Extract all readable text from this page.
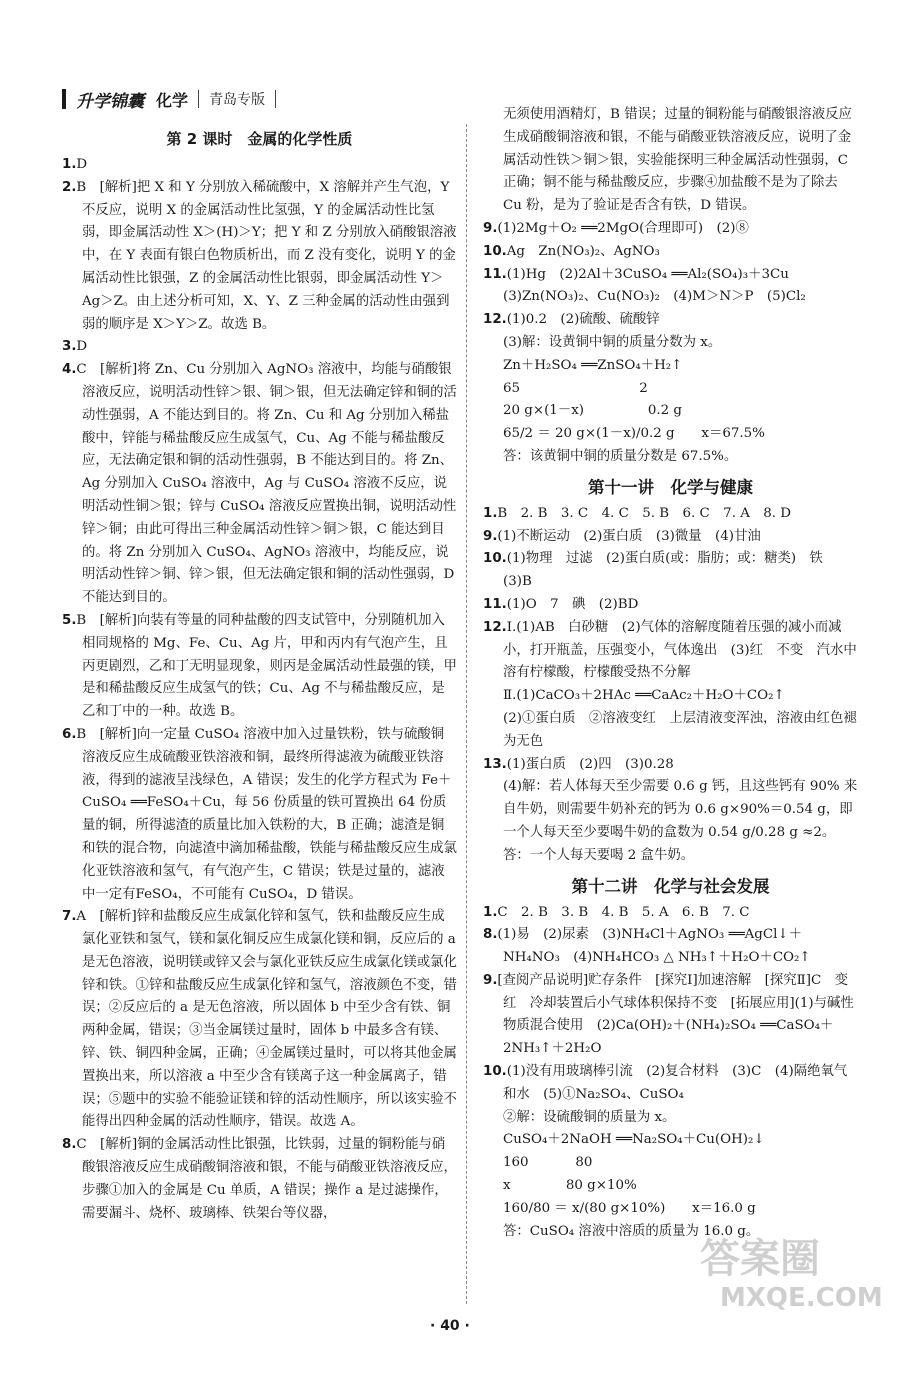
升学锦囊 化学 青岛专版
第 2 课时　金属的化学性质

1.D

2.B　[解析]把 X 和 Y 分别放入稀硫酸中，X 溶解并产生气泡，Y 不反应，说明 X 的金属活动性比氢强，Y 的金属活动性比氢弱，即金属活动性 X＞(H)＞Y；把 Y 和 Z 分别放入硝酸银溶液中，在 Y 表面有银白色物质析出，而 Z 没有变化，说明 Y 的金属活动性比银强，Z 的金属活动性比银弱，即金属活动性 Y＞Ag＞Z。由上述分析可知，X、Y、Z 三种金属的活动性由强到弱的顺序是 X＞Y＞Z。故选 B。

3.D

4.C　[解析]将 Zn、Cu 分别加入 AgNO₃ 溶液中，均能与硝酸银溶液反应，说明活动性锌＞银、铜＞银，但无法确定锌和铜的活动性强弱，A 不能达到目的。将 Zn、Cu 和 Ag 分别加入稀盐酸中，锌能与稀盐酸反应生成氢气，Cu、Ag 不能与稀盐酸反应，无法确定银和铜的活动性强弱，B 不能达到目的。将 Zn、Ag 分别加入 CuSO₄ 溶液中，Ag 与 CuSO₄ 溶液不反应，说明活动性铜＞银；锌与 CuSO₄ 溶液反应置换出铜，说明活动性锌＞铜；由此可得出三种金属活动性锌＞铜＞银，C 能达到目的。将 Zn 分别加入 CuSO₄、AgNO₃ 溶液中，均能反应，说明活动性锌＞铜、锌＞银，但无法确定银和铜的活动性强弱，D 不能达到目的。

5.B　[解析]向装有等量的同种盐酸的四支试管中，分别随机加入相同规格的 Mg、Fe、Cu、Ag 片，甲和丙内有气泡产生，且丙更剧烈，乙和丁无明显现象，则丙是金属活动性最强的镁，甲是和稀盐酸反应生成氢气的铁；Cu、Ag 不与稀盐酸反应，是乙和丁中的一种。故选 B。

6.B　[解析]向一定量 CuSO₄ 溶液中加入过量铁粉，铁与硫酸铜溶液反应生成硫酸亚铁溶液和铜，最终所得滤液为硫酸亚铁溶液，得到的滤液呈浅绿色，A 错误；发生的化学方程式为 Fe＋CuSO₄ ══FeSO₄＋Cu，每 56 份质量的铁可置换出 64 份质量的铜，所得滤渣的质量比加入铁粉的大，B 正确；滤渣是铜和铁的混合物，向滤渣中滴加稀盐酸，铁能与稀盐酸反应生成氯化亚铁溶液和氢气，有气泡产生，C 错误；铁是过量的，滤液中一定有FeSO₄，不可能有 CuSO₄，D 错误。

7.A　[解析]锌和盐酸反应生成氯化锌和氢气，铁和盐酸反应生成氯化亚铁和氢气，镁和氯化铜反应生成氯化镁和铜，反应后的 a 是无色溶液，说明镁或锌又会与氯化亚铁反应生成氯化镁或氯化锌和铁。①锌和盐酸反应生成氯化锌和氢气，溶液颜色不变，错误；②反应后的 a 是无色溶液，所以固体 b 中至少含有铁、铜两种金属，错误；③当金属镁过量时，固体 b 中最多含有镁、锌、铁、铜四种金属，正确；④金属镁过量时，可以将其他金属置换出来，所以溶液 a 中至少含有镁离子这一种金属离子，错误；⑤题中的实验不能验证镁和锌的活动性顺序，所以该实验不能得出四种金属的活动性顺序，错误。故选 A。

8.C　[解析]铜的金属活动性比银强，比铁弱，过量的铜粉能与硝酸银溶液反应生成硝酸铜溶液和银，不能与硝酸亚铁溶液反应，步骤①加入的金属是 Cu 单质，A 错误；操作 a 是过滤操作，需要漏斗、烧杯、玻璃棒、铁架台等仪器，

无须使用酒精灯，B 错误；过量的铜粉能与硝酸银溶液反应生成硝酸铜溶液和银，不能与硝酸亚铁溶液反应，说明了金属活动性铁＞铜＞银，实验能探明三种金属活动性强弱，C 正确；铜不能与稀盐酸反应，步骤④加盐酸不是为了除去 Cu 粉，是为了验证是否含有铁，D 错误。

9.(1)2Mg＋O₂ ══2MgO(合理即可)　(2)⑧

10.Ag　Zn(NO₃)₂、AgNO₃

11.(1)Hg　(2)2Al＋3CuSO₄ ══Al₂(SO₄)₃＋3Cu　(3)Zn(NO₃)₂、Cu(NO₃)₂　(4)M＞N＞P　(5)Cl₂

12.(1)0.2　(2)硫酸、硫酸锌

(3)解：设黄铜中铜的质量分数为 x。

Zn＋H₂SO₄ ══ZnSO₄＋H₂↑

65                            2

20 g×(1－x)               0.2 g

65/2 ＝ 20 g×(1－x)/0.2 g　　x＝67.5%

答：该黄铜中铜的质量分数是 67.5%。

第十一讲　化学与健康

1.B　2. B　3. C　4. C　5. B　6. C　7. A　8. D

9.(1)不断运动　(2)蛋白质　(3)微量　(4)甘油

10.(1)物理　过滤　(2)蛋白质(或：脂肪；或：糖类)　铁　(3)B

11.(1)O　7　碘　(2)BD

12.Ⅰ.(1)AB　白砂糖　(2)气体的溶解度随着压强的减小而减小，打开瓶盖，压强变小，气体逸出　(3)红　不变　汽水中溶有柠檬酸，柠檬酸受热不分解

Ⅱ.(1)CaCO₃＋2HAc ══CaAc₂＋H₂O＋CO₂↑

(2)①蛋白质　②溶液变红　上层清液变浑浊，溶液由红色褪为无色

13.(1)蛋白质　(2)四　(3)0.28

(4)解：若人体每天至少需要 0.6 g 钙，且这些钙有 90% 来自牛奶，则需要牛奶补充的钙为 0.6 g×90%＝0.54 g，即一个人每天至少要喝牛奶的盒数为 0.54 g/0.28 g ≈2。

答：一个人每天要喝 2 盒牛奶。

第十二讲　化学与社会发展

1.C　2. B　3. B　4. B　5. A　6. B　7. C

8.(1)易　(2)尿素　(3)NH₄Cl＋AgNO₃ ══AgCl↓＋NH₄NO₃　(4)NH₄HCO₃ △ NH₃↑＋H₂O＋CO₂↑

9.[查阅产品说明]贮存条件　[探究Ⅰ]加速溶解　[探究Ⅱ]C　变红　冷却装置后小气球体积保持不变　[拓展应用](1)与碱性物质混合使用　(2)Ca(OH)₂＋(NH₄)₂SO₄ ══CaSO₄＋2NH₃↑＋2H₂O

10.(1)没有用玻璃棒引流　(2)复合材料　(3)C　(4)隔绝氧气和水　(5)①Na₂SO₄、CuSO₄

②解：设硫酸铜的质量为 x。

CuSO₄＋2NaOH ══Na₂SO₄＋Cu(OH)₂↓

160           80

x             80 g×10%

160/80 ＝ x/(80 g×10%)　　x＝16.0 g

答：CuSO₄ 溶液中溶质的质量为 16.0 g。

· 40 ·
答案圈
MXQE.COM
